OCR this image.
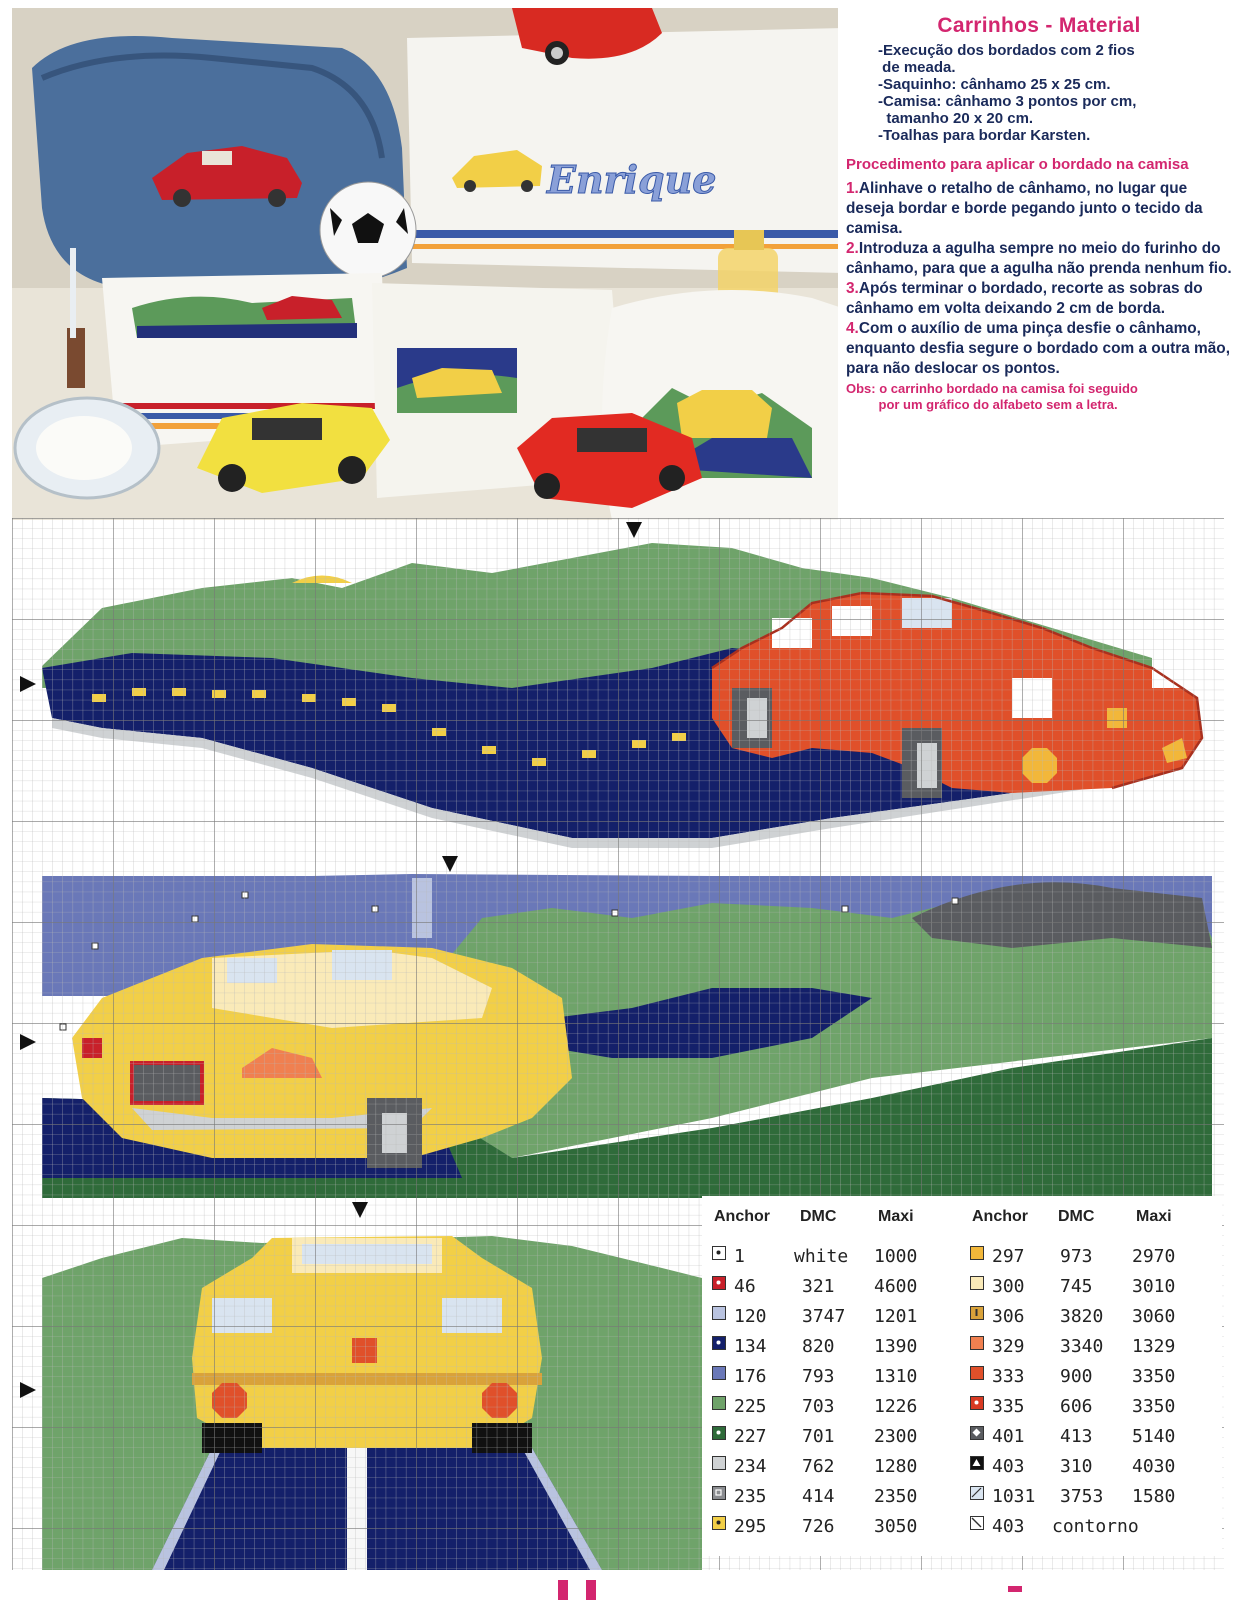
Enrique
Carrinhos - Material
-Execução dos bordados com 2 fios
de meada.
-Saquinho: cânhamo 25 x 25 cm.
-Camisa: cânhamo 3 pontos por cm,
tamanho 20 x 20 cm.
-Toalhas para bordar Karsten.
Procedimento para aplicar o bordado na camisa

1.Alinhave o retalho de cânhamo, no lugar que deseja bordar e borde pegando junto o tecido da camisa.

2.Introduza a agulha sempre no meio do furinho do cânhamo, para que a agulha não prenda nenhum fio.

3.Após terminar o bordado, recorte as sobras do cânhamo em volta deixando 2 cm de borda.

4.Com o auxílio de uma pinça desfie o cânhamo, enquanto desfia segure o bordado com a outra mão, para não deslocar os pontos.

Obs: o carrinho bordado na camisa foi seguido
por um gráfico do alfabeto sem a letra.
Anchor DMC	Maxi
1	white 1000
46	321 4600
120 3747 1201
134 820 1390
176 793 1310
225 703 1226
227 701 2300
234 762 1280
235 414 2350
295 726 3050
Anchor DMC	Maxi
297 973 2970
300 745 3010
306 3820 3060
329 3340 1329
333 900 3350
335 606 3350
401 413 5140
403 310 4030
1031 3753 1580
403 contorno
